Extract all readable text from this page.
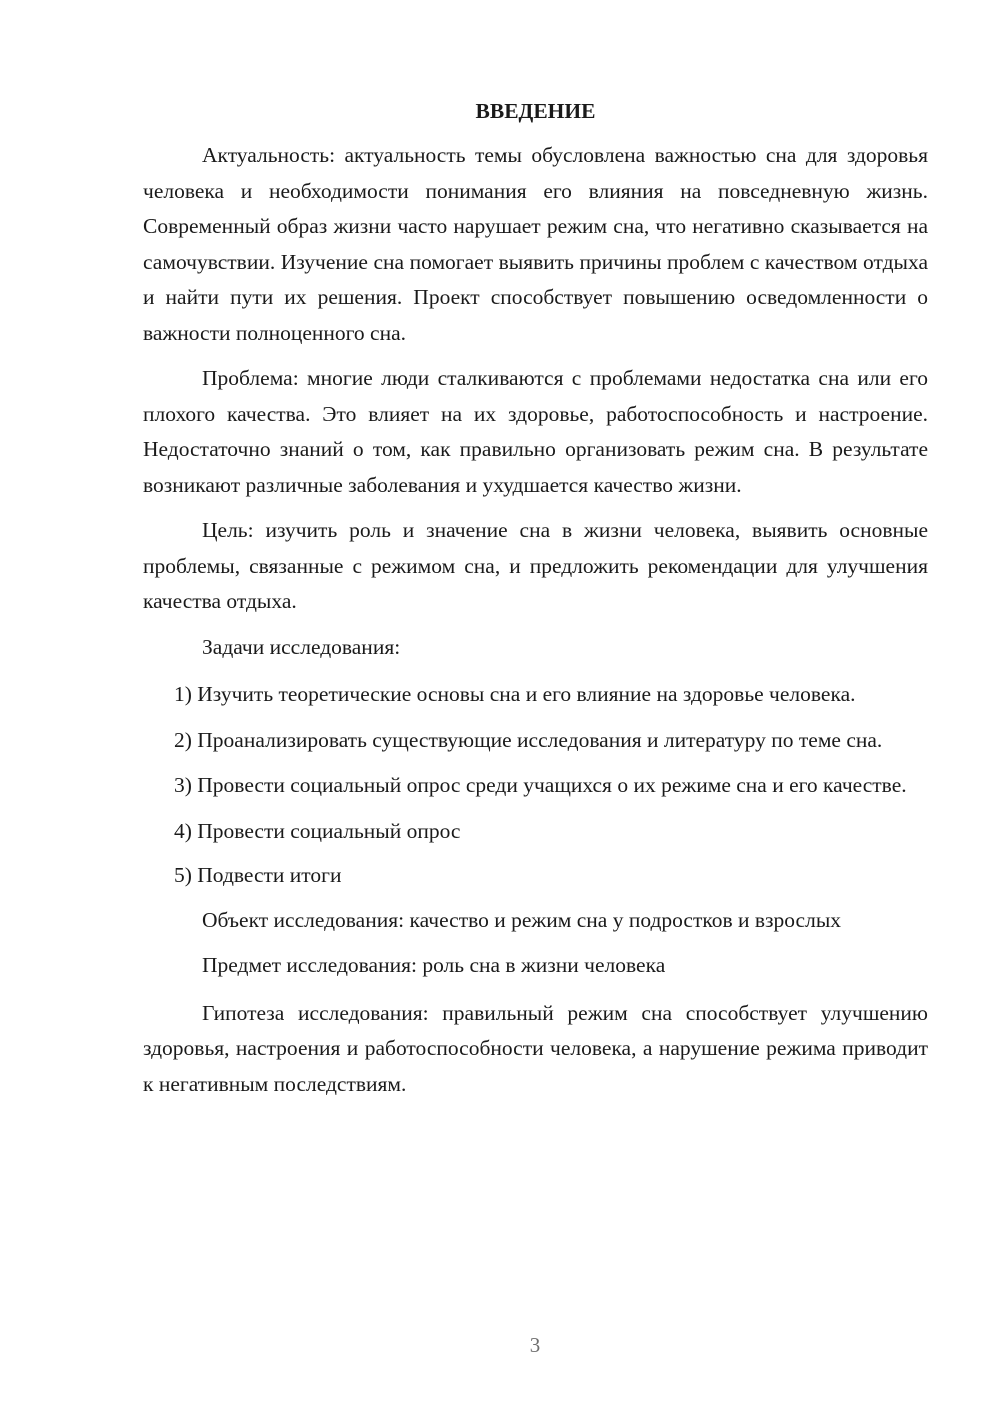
ВВЕДЕНИЕ

Актуальность: актуальность темы обусловлена важностью сна для здоровья человека и необходимости понимания его влияния на повседневную жизнь. Современный образ жизни часто нарушает режим сна, что негативно сказывается на самочувствии. Изучение сна помогает выявить причины проблем с качеством отдыха и найти пути их решения. Проект способствует повышению осведомленности о важности полноценного сна.

Проблема: многие люди сталкиваются с проблемами недостатка сна или его плохого качества. Это влияет на их здоровье, работоспособность и настроение. Недостаточно знаний о том, как правильно организовать режим сна. В результате возникают различные заболевания и ухудшается качество жизни.

Цель: изучить роль и значение сна в жизни человека, выявить основные проблемы, связанные с режимом сна, и предложить рекомендации для улучшения качества отдыха.

Задачи исследования:

1) Изучить теоретические основы сна и его влияние на здоровье человека.
2) Проанализировать существующие исследования и литературу по теме сна.
3) Провести социальный опрос среди учащихся о их режиме сна и его качестве.
4) Провести социальный опрос
5) Подвести итоги

Объект исследования: качество и режим сна у подростков и взрослых

Предмет исследования: роль сна в жизни человека

Гипотеза исследования: правильный режим сна способствует улучшению здоровья, настроения и работоспособности человека, а нарушение режима приводит к негативным последствиям.

3
